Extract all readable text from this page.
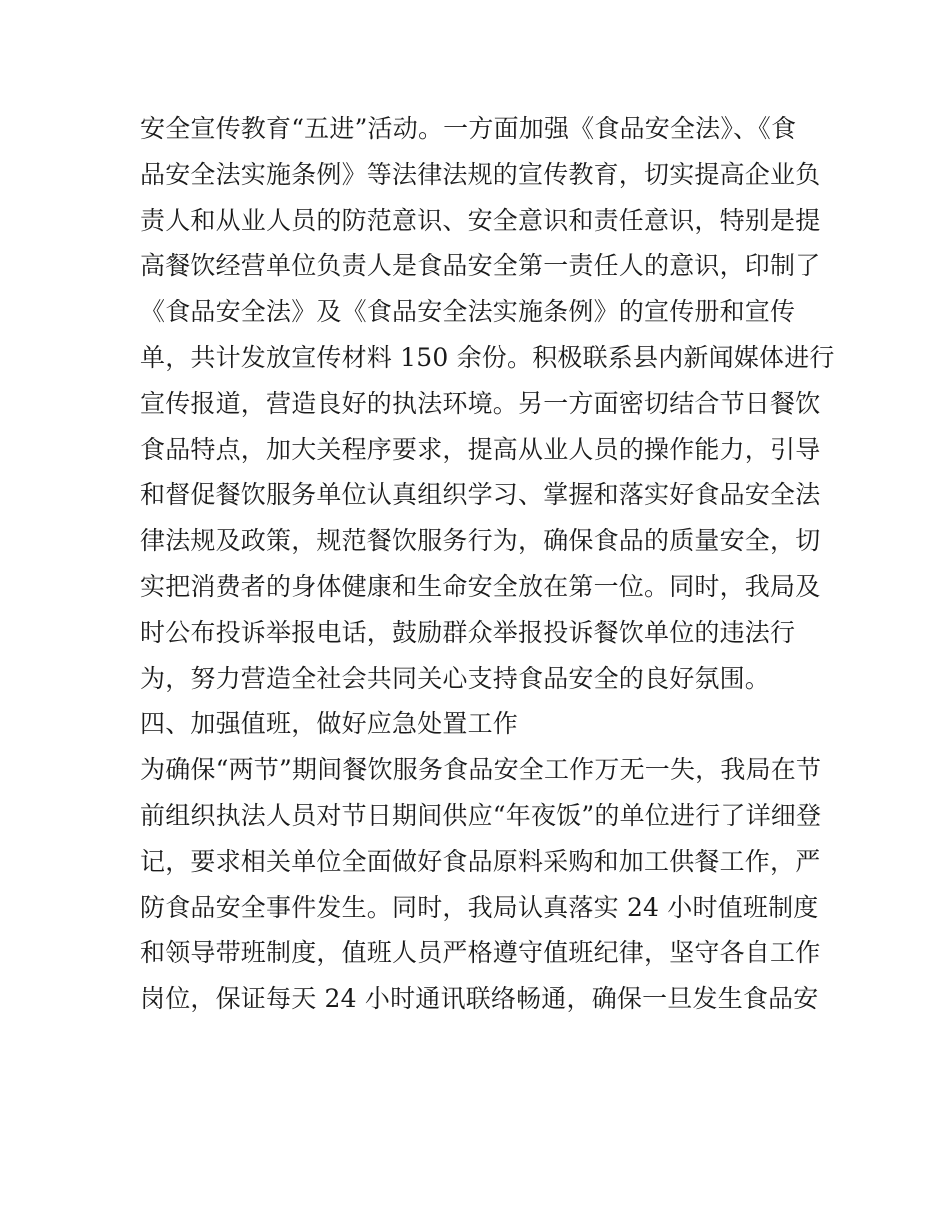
安全宣传教育“五进”活动。一方面加强《食品安全法》、《食
品安全法实施条例》等法律法规的宣传教育，切实提高企业负
责人和从业人员的防范意识、安全意识和责任意识，特别是提
高餐饮经营单位负责人是食品安全第一责任人的意识，印制了
《食品安全法》及《食品安全法实施条例》的宣传册和宣传
单，共计发放宣传材料 150 余份。积极联系县内新闻媒体进行
宣传报道，营造良好的执法环境。另一方面密切结合节日餐饮
食品特点，加大关程序要求，提高从业人员的操作能力，引导
和督促餐饮服务单位认真组织学习、掌握和落实好食品安全法
律法规及政策，规范餐饮服务行为，确保食品的质量安全，切
实把消费者的身体健康和生命安全放在第一位。同时，我局及
时公布投诉举报电话，鼓励群众举报投诉餐饮单位的违法行
为，努力营造全社会共同关心支持食品安全的良好氛围。
四、加强值班，做好应急处置工作
为确保“两节”期间餐饮服务食品安全工作万无一失，我局在节
前组织执法人员对节日期间供应“年夜饭”的单位进行了详细登
记，要求相关单位全面做好食品原料采购和加工供餐工作，严
防食品安全事件发生。同时，我局认真落实 24 小时值班制度
和领导带班制度，值班人员严格遵守值班纪律，坚守各自工作
岗位，保证每天 24 小时通讯联络畅通，确保一旦发生食品安
